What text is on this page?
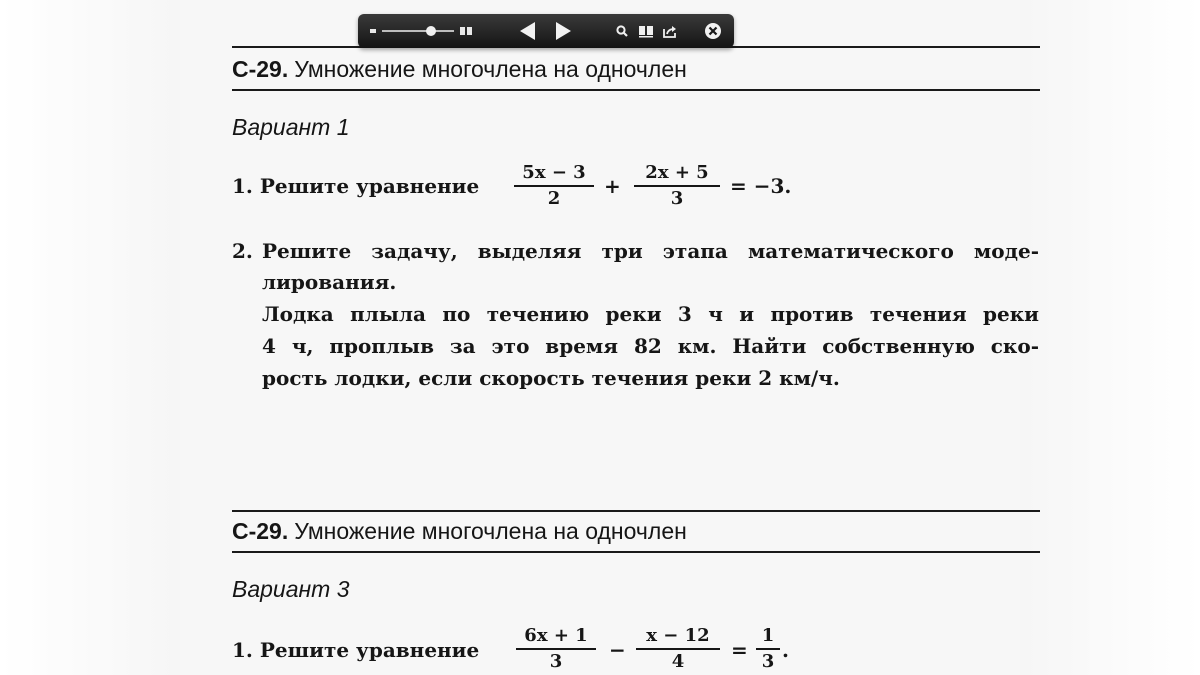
С-29. Умножение многочлена на одночлен
Вариант 1
1. Решите уравнение $\frac{5x - 3}{2} + \frac{2x + 5}{3} = -3$.
2. Решите задачу, выделяя три этапа математического моде-
лирования.
Лодка плыла по течению реки 3 ч и против течения реки
4 ч, проплыв за это время 82 км. Найти собственную ско-
рость лодки, если скорость течения реки 2 км/ч.
С-29. Умножение многочлена на одночлен
Вариант 3
1. Решите уравнение $\frac{6x + 1}{3} - \frac{x - 12}{4} = \frac{1}{3}$ .
